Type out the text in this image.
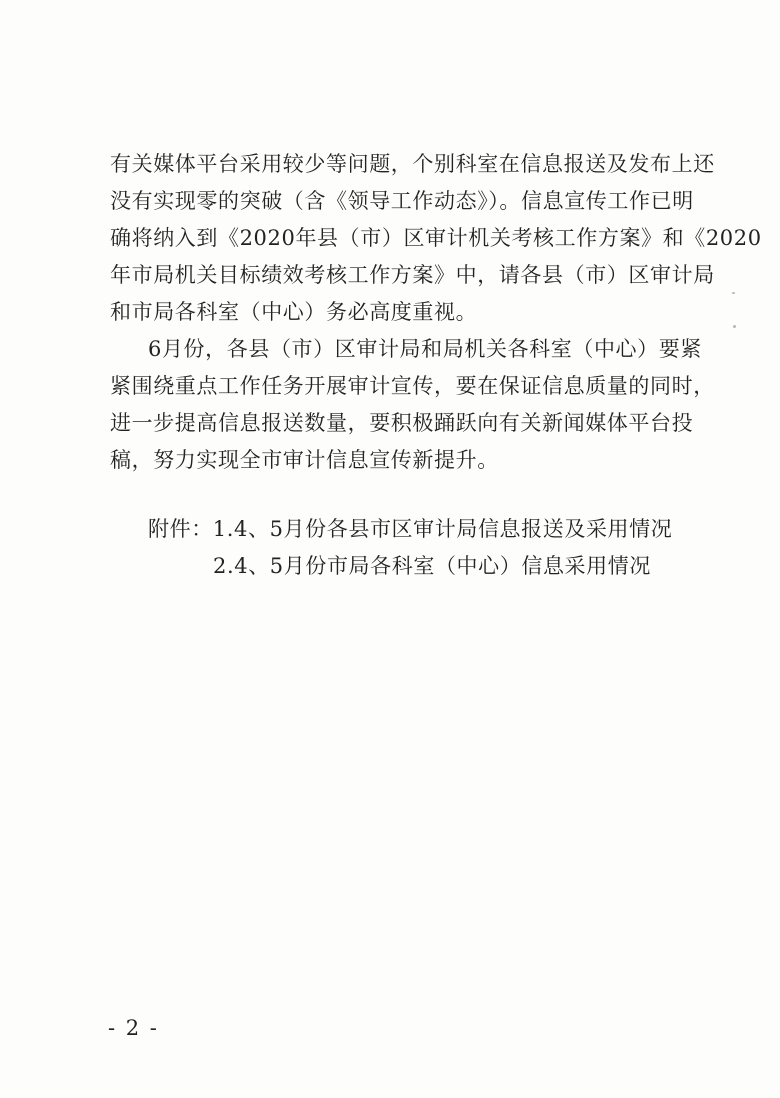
有关媒体平台采用较少等问题，个别科室在信息报送及发布上还
没有实现零的突破（含《领导工作动态》）。信息宣传工作已明
确将纳入到《2020年县（市）区审计机关考核工作方案》和《2020
年市局机关目标绩效考核工作方案》中，请各县（市）区审计局
和市局各科室（中心）务必高度重视。
6月份，各县（市）区审计局和局机关各科室（中心）要紧
紧围绕重点工作任务开展审计宣传，要在保证信息质量的同时，
进一步提高信息报送数量，要积极踊跃向有关新闻媒体平台投
稿，努力实现全市审计信息宣传新提升。
附件：1.4、5月份各县市区审计局信息报送及采用情况
2.4、5月份市局各科室（中心）信息采用情况
- 2 -
